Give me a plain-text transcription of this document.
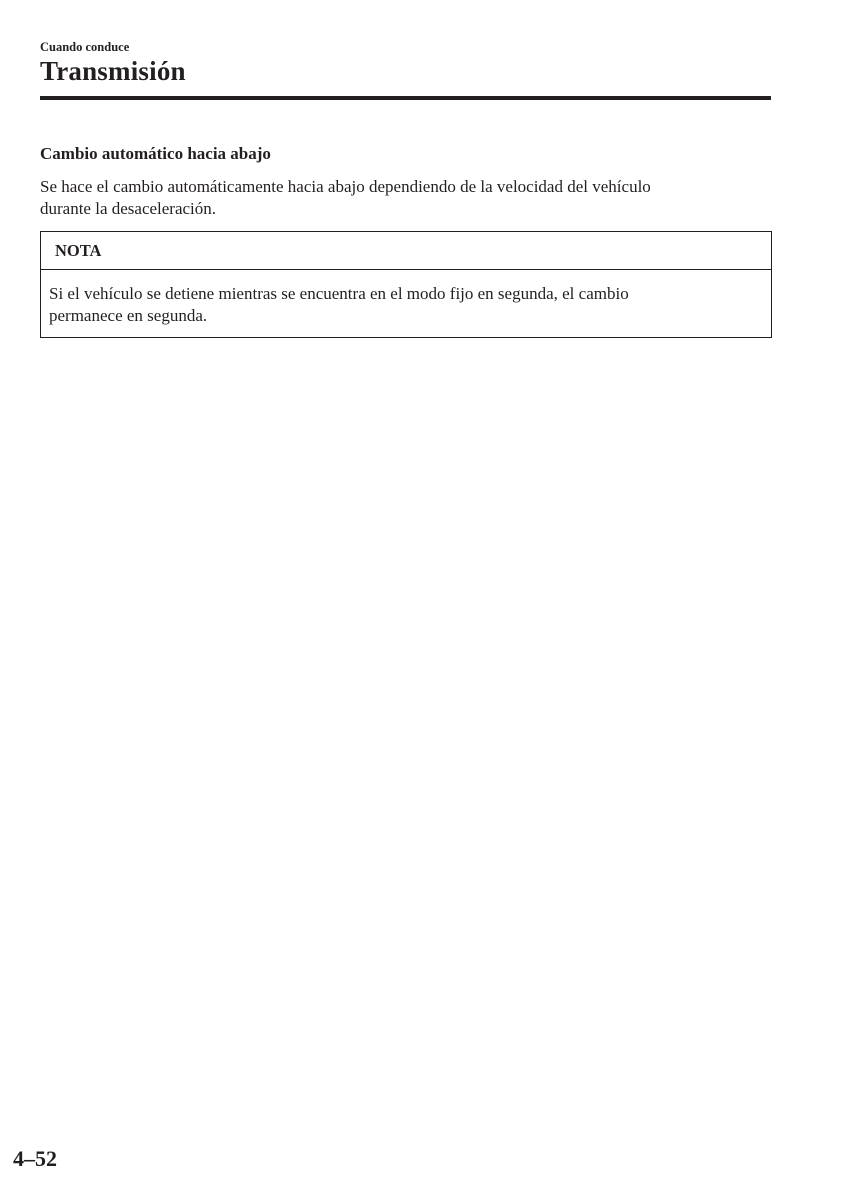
Cuando conduce
Transmisión
Cambio automático hacia abajo
Se hace el cambio automáticamente hacia abajo dependiendo de la velocidad del vehículo
durante la desaceleración.
NOTA
Si el vehículo se detiene mientras se encuentra en el modo fijo en segunda, el cambio
permanece en segunda.
4–52
